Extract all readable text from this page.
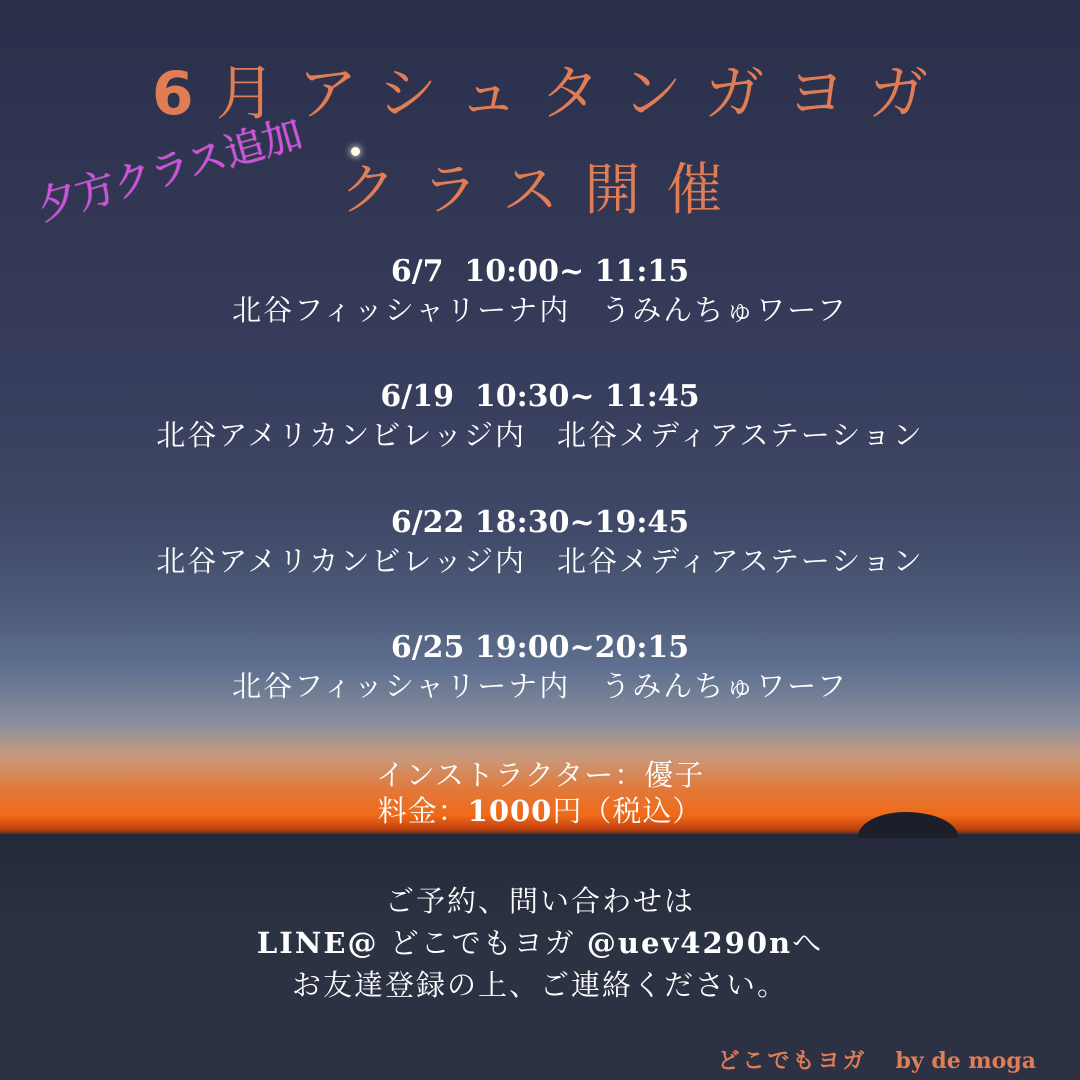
6月アシュタンガヨガ
クラス開催
夕方クラス追加
6/7  10:00~ 11:15
北谷フィッシャリーナ内　うみんちゅワーフ
6/19  10:30~ 11:45
北谷アメリカンビレッジ内　北谷メディアステーション
6/22 18:30~19:45
北谷アメリカンビレッジ内　北谷メディアステーション
6/25 19:00~20:15
北谷フィッシャリーナ内　うみんちゅワーフ
インストラクター：優子
料金：1000円（税込）
ご予約、問い合わせは
LINE@ どこでもヨガ @uev4290nへ
お友達登録の上、ご連絡ください。
どこでもヨガ by de moga
